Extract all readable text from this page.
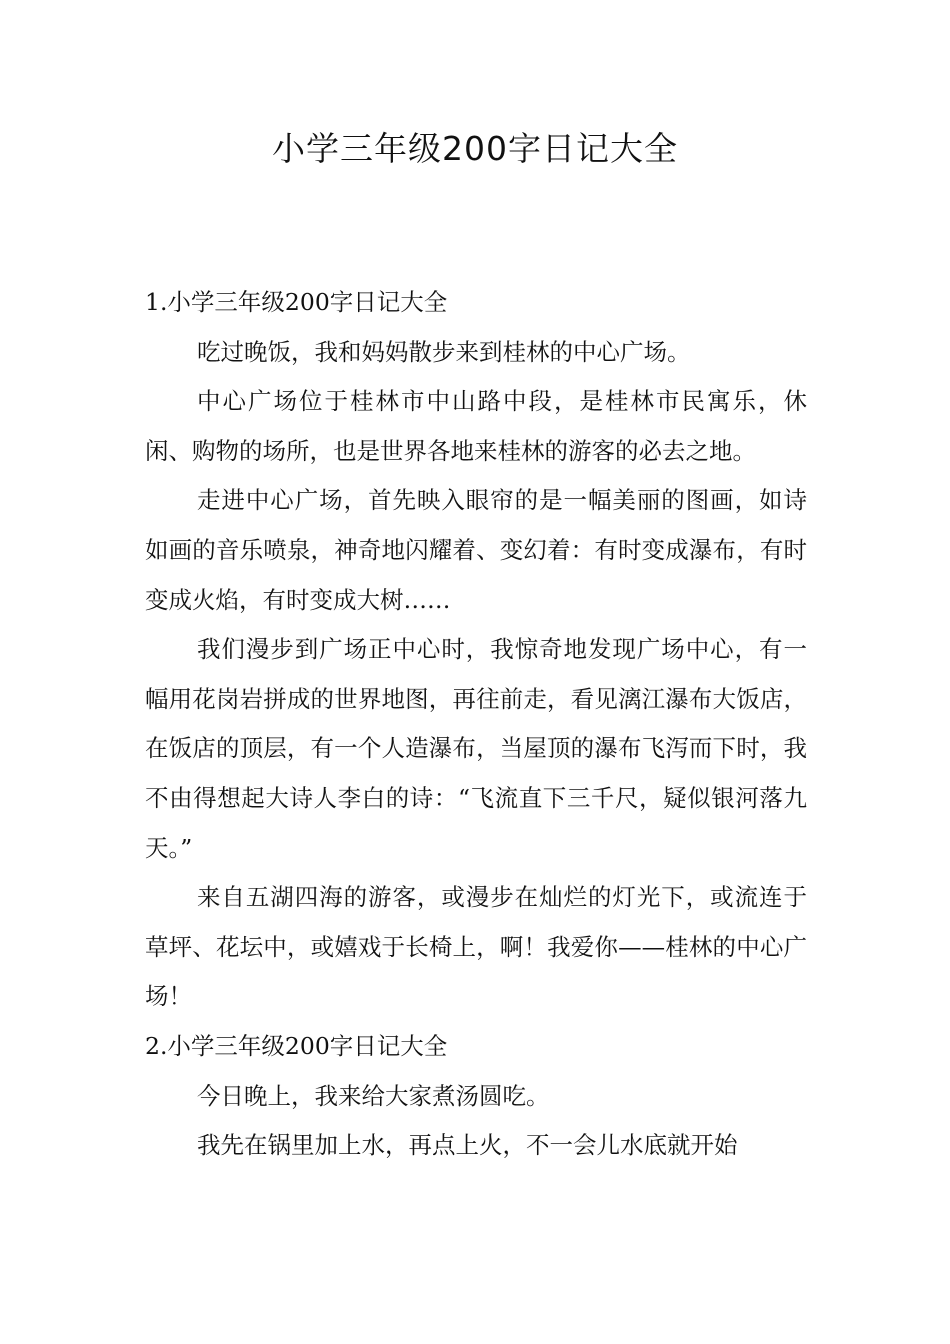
小学三年级200字日记大全

1.小学三年级200字日记大全

吃过晚饭，我和妈妈散步来到桂林的中心广场。

中心广场位于桂林市中山路中段，是桂林市民寓乐，休闲、购物的场所，也是世界各地来桂林的游客的必去之地。

走进中心广场，首先映入眼帘的是一幅美丽的图画，如诗如画的音乐喷泉，神奇地闪耀着、变幻着：有时变成瀑布，有时变成火焰，有时变成大树……

我们漫步到广场正中心时，我惊奇地发现广场中心，有一幅用花岗岩拼成的世界地图，再往前走，看见漓江瀑布大饭店，在饭店的顶层，有一个人造瀑布，当屋顶的瀑布飞泻而下时，我不由得想起大诗人李白的诗：“飞流直下三千尺，疑似银河落九天。”

来自五湖四海的游客，或漫步在灿烂的灯光下，或流连于草坪、花坛中，或嬉戏于长椅上，啊！我爱你——桂林的中心广场！

2.小学三年级200字日记大全

今日晚上，我来给大家煮汤圆吃。

我先在锅里加上水，再点上火，不一会儿水底就开始
